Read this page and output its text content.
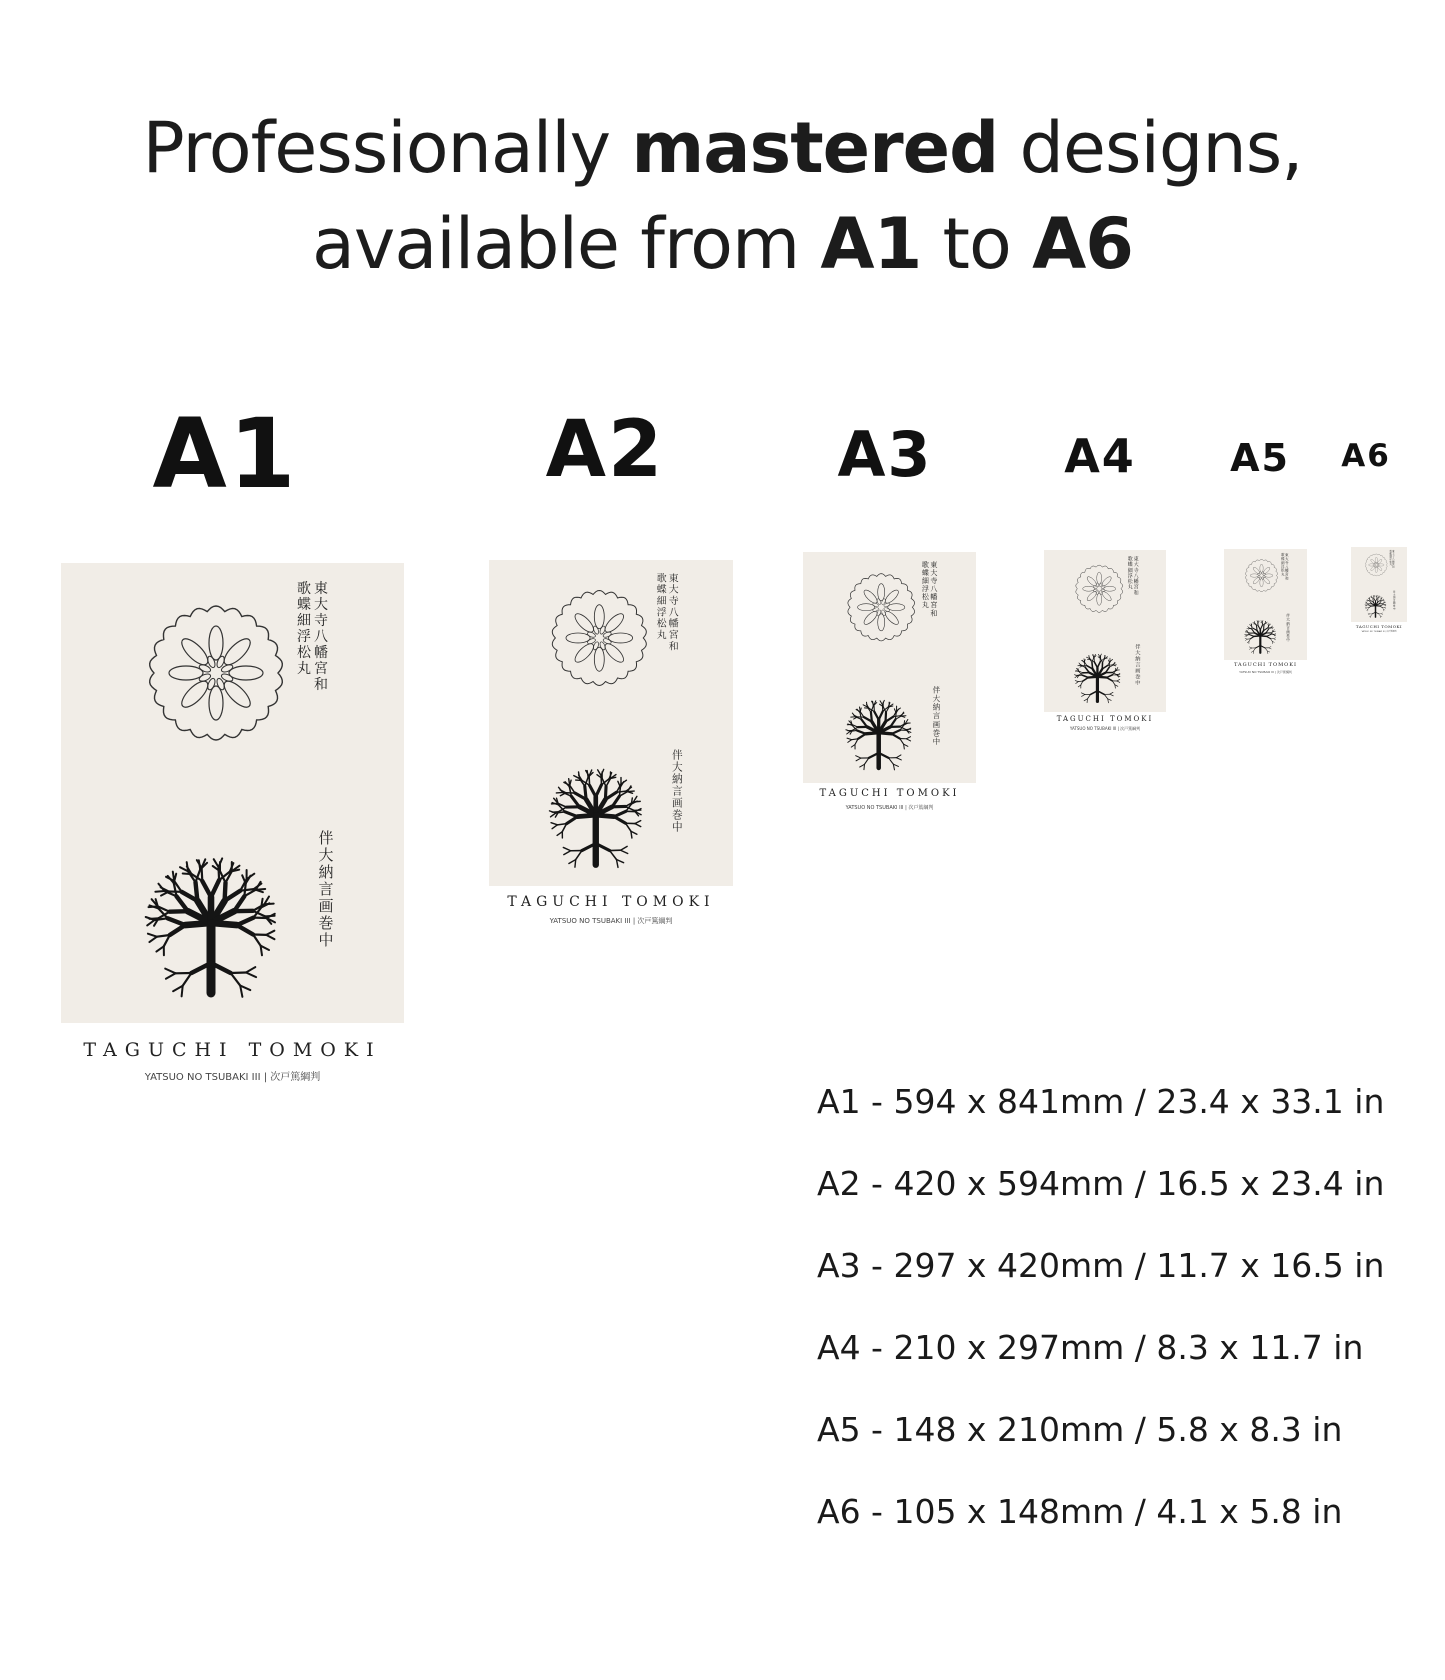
Professionally mastered designs,
available from A1 to A6
A1	A2	A3	A4	A5	A6
東
大
寺
八
幡
宮
和
歌
蝶
細
浮
松
丸
伴
大
納
言
画
巻
中
TAGUCHI TOMOKI
YATSUO NO TSUBAKI III | 次戸篤綱判
東
大
寺
八
幡
宮
和
歌
蝶
細
浮
松
丸
伴
大
納
言
画
巻
中
TAGUCHI TOMOKI
YATSUO NO TSUBAKI III | 次戸篤綱判
東
大
寺
八
幡
宮
和
歌
蝶
細
浮
松
丸
伴
大
納
言
画
巻
中
TAGUCHI TOMOKI
YATSUO NO TSUBAKI III | 次戸篤綱判
東
大
寺
八
幡
宮
和
歌
蝶
細
浮
松
丸
伴
大
納
言
画
巻
中
TAGUCHI TOMOKI
YATSUO NO TSUBAKI III | 次戸篤綱判
東
大
寺
八
幡
宮
和
歌
蝶
細
浮
松
丸
伴
大
納
言
画
巻
中
TAGUCHI TOMOKI
YATSUO NO TSUBAKI III | 次戸篤綱判
東
大
寺
八
幡
宮
和
歌
蝶
細
浮
松
丸
伴
大
納
言
画
巻
中
TAGUCHI TOMOKI
YATSUO NO TSUBAKI III | 次戸篤綱判
A1 - 594 x 841mm / 23.4 x 33.1 in
A2 - 420 x 594mm / 16.5 x 23.4 in
A3 - 297 x 420mm / 11.7 x 16.5 in
A4 - 210 x 297mm / 8.3 x 11.7 in
A5 - 148 x 210mm / 5.8 x 8.3 in
A6 - 105 x 148mm / 4.1 x 5.8 in
